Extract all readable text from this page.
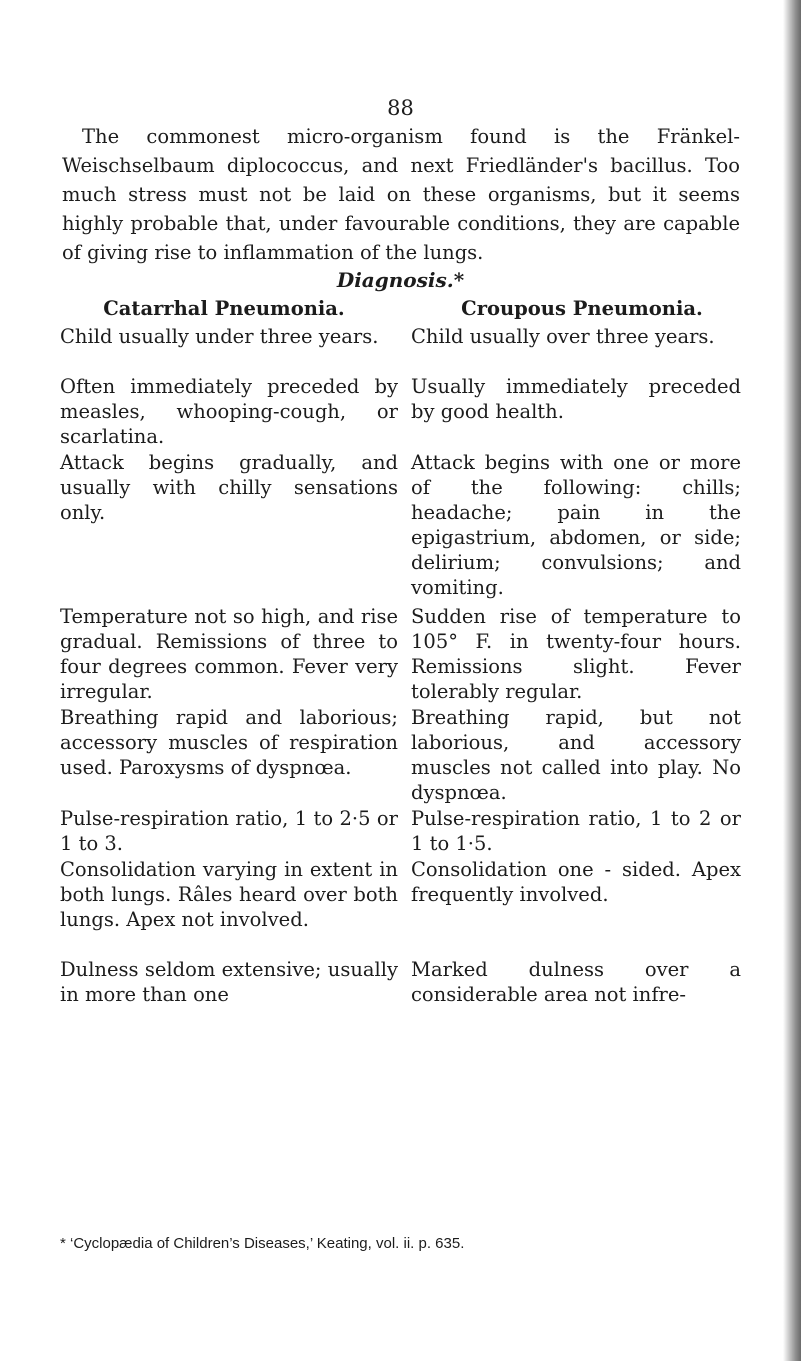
88

The commonest micro-organism found is the Fränkel-Weischselbaum diplococcus, and next Friedländer's bacillus. Too much stress must not be laid on these organisms, but it seems highly probable that, under favourable conditions, they are capable of giving rise to inflammation of the lungs.

Diagnosis.*
Catarrhal Pneumonia.	Croupous Pneumonia.
Child usually under three years.	Child usually over three years.
Often immediately preceded by measles, whooping-cough, or scarlatina.
Usually immediately preceded by good health.
Attack begins gradually, and usually with chilly sensations only.
Attack begins with one or more of the following: chills; headache; pain in the epigastrium, abdomen, or side; delirium; convulsions; and vomiting.
Temperature not so high, and rise gradual. Remissions of three to four degrees common. Fever very irregular.
Sudden rise of temperature to 105° F. in twenty-four hours. Remissions slight. Fever tolerably regular.
Breathing rapid and laborious; accessory muscles of respiration used. Paroxysms of dyspnœa.
Breathing rapid, but not laborious, and accessory muscles not called into play. No dyspnœa.
Pulse-respiration ratio, 1 to 2·5 or 1 to 3.
Pulse-respiration ratio, 1 to 2 or 1 to 1·5.
Consolidation varying in extent in both lungs. Râles heard over both lungs. Apex not involved.
Consolidation one - sided. Apex frequently involved.
Dulness seldom extensive; usually in more than one
Marked dulness over a considerable area not infre-
* ‘Cyclopædia of Children’s Diseases,’ Keating, vol. ii. p. 635.
